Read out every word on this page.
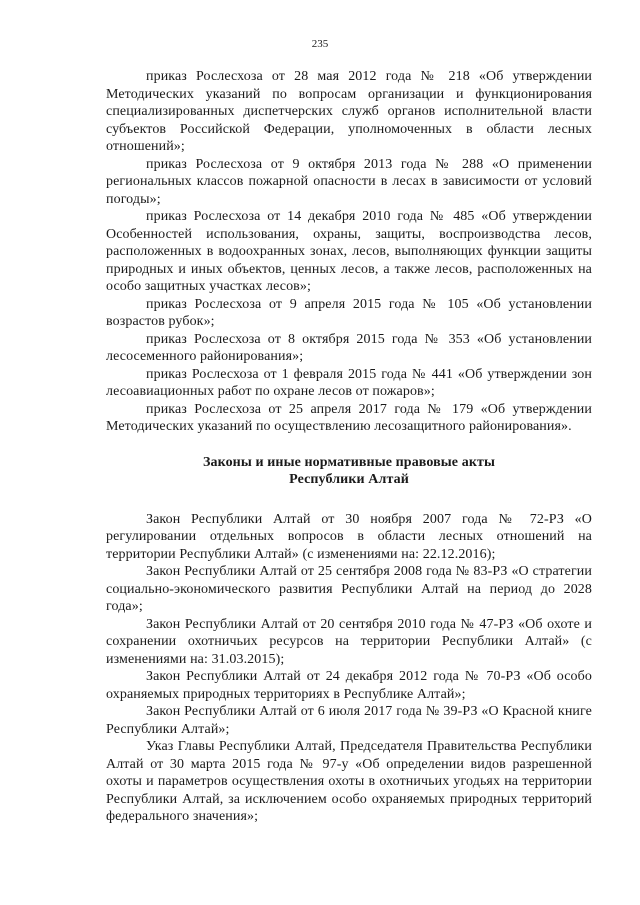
235

приказ Рослесхоза от 28 мая 2012 года № 218 «Об утверждении Методических указаний по вопросам организации и функционирования специализированных диспетчерских служб органов исполнительной власти субъектов Российской Федерации, уполномоченных в области лесных отношений»;

приказ Рослесхоза от 9 октября 2013 года № 288 «О применении региональных классов пожарной опасности в лесах в зависимости от условий погоды»;

приказ Рослесхоза от 14 декабря 2010 года № 485 «Об утверждении Особенностей использования, охраны, защиты, воспроизводства лесов, расположенных в водоохранных зонах, лесов, выполняющих функции защиты природных и иных объектов, ценных лесов, а также лесов, расположенных на особо защитных участках лесов»;

приказ Рослесхоза от 9 апреля 2015 года № 105 «Об установлении возрастов рубок»;

приказ Рослесхоза от 8 октября 2015 года № 353 «Об установлении лесосеменного районирования»;

приказ Рослесхоза от 1 февраля 2015 года № 441 «Об утверждении зон лесоавиационных работ по охране лесов от пожаров»;

приказ Рослесхоза от 25 апреля 2017 года № 179 «Об утверждении Методических указаний по осуществлению лесозащитного районирования».

Законы и иные нормативные правовые акты

Республики Алтай

Закон Республики Алтай от 30 ноября 2007 года № 72-РЗ «О регулировании отдельных вопросов в области лесных отношений на территории Республики Алтай» (с изменениями на: 22.12.2016);

Закон Республики Алтай от 25 сентября 2008 года № 83-РЗ «О стратегии социально-экономического развития Республики Алтай на период до 2028 года»;

Закон Республики Алтай от 20 сентября 2010 года № 47-РЗ «Об охоте и сохранении охотничьих ресурсов на территории Республики Алтай» (с изменениями на: 31.03.2015);

Закон Республики Алтай от 24 декабря 2012 года № 70-РЗ «Об особо охраняемых природных территориях в Республике Алтай»;

Закон Республики Алтай от 6 июля 2017 года № 39-РЗ «О Красной книге Республики Алтай»;

Указ Главы Республики Алтай, Председателя Правительства Республики Алтай от 30 марта 2015 года № 97-у «Об определении видов разрешенной охоты и параметров осуществления охоты в охотничьих угодьях на территории Республики Алтай, за исключением особо охраняемых природных территорий федерального значения»;
